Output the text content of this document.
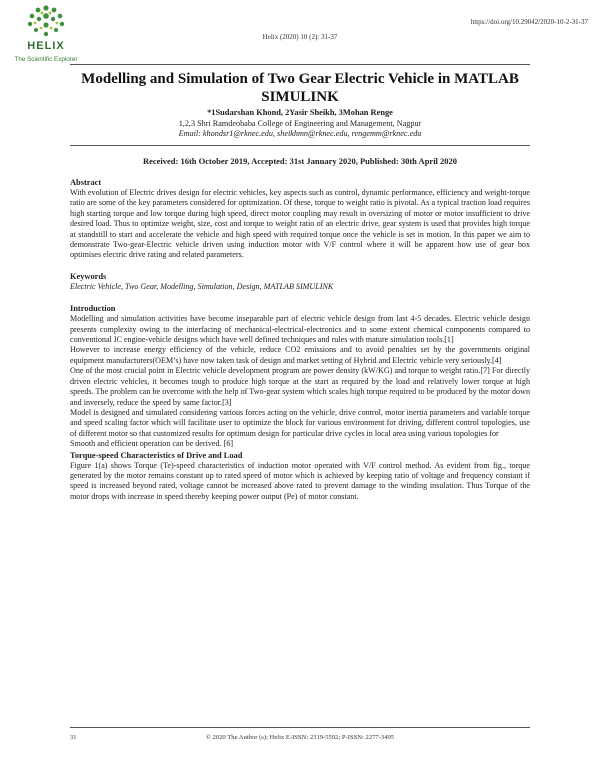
HELIX
The Scientific Explorer
https://doi.org/10.29042/2020-10-2-31-37
Helix (2020) 10 (2): 31-37
Modelling and Simulation of Two Gear Electric Vehicle in MATLAB SIMULINK
*1Sudarshan Khond, 2Yasir Sheikh, 3Mohan Renge
1,2,3 Shri Ramdeobaba College of Engineering and Management, Nagpur
Email: khondsr1@rknec.edu, sheikhmn@rknec.edu, rengemm@rknec.edu
Received: 16th October 2019, Accepted: 31st January 2020, Published: 30th April 2020
Abstract

With evolution of Electric drives design for electric vehicles, key aspects such as control, dynamic performance, efficiency and weight-torque ratio are some of the key parameters considered for optimization. Of these, torque to weight ratio is pivotal. As a typical traction load requires high starting torque and low torque during high speed, direct motor coupling may result in oversizing of motor or motor insufficient to drive desired load. Thus to optimize weight, size, cost and torque to weight ratio of an electric drive, gear system is used that provides high torque at standstill to start and accelerate the vehicle and high speed with required torque once the vehicle is set in motion. In this paper we aim to demonstrate Two-gear-Electric vehicle driven using induction motor with V/F control where it will be apparent how use of gear box optimises electric drive rating and related parameters.

Keywords

Electric Vehicle, Two Gear, Modelling, Simulation, Design, MATLAB SIMULINK

Introduction

Modelling and simulation activities have become inseparable part of electric vehicle design from last 4-5 decades. Electric vehicle design presents complexity owing to the interfacing of mechanical-electrical-electronics and to some extent chemical components compared to conventional IC engine-vehicle designs which have well defined techniques and rules with mature simulation tools.[1]

However to increase energy efficiency of the vehicle, reduce CO2 emissions and to avoid penalties set by the governments original equipment manufacturers(OEM’s) have now taken task of design and market setting of Hybrid and Electric vehicle very seriously.[4]

One of the most crucial point in Electric vehicle development program are power density (kW/KG) and torque to weight ratio.[7] For directly driven electric vehicles, it becomes tough to produce high torque at the start as required by the load and relatively lower torque at high speeds. The problem can be overcome with the help of Two-gear system which scales high torque required to be produced by the motor down and inversely, reduce the speed by same factor.[3]

Model is designed and simulated considering various forces acting on the vehicle, drive control, motor inertia parameters and variable torque and speed scaling factor which will facilitate user to optimize the block for various environment for driving, different control topologies, use of different motor so that customized results for optimum design for particular drive cycles in local area using various topologies for

Smooth and efficient operation can be derived. [6]

Torque-speed Characteristics of Drive and Load

Figure 1(a) shows Torque (Te)-speed characteristics of induction motor operated with V/F control method. As evident from fig., torque generated by the motor remains constant up to rated speed of motor which is achieved by keeping ratio of voltage and frequency constant if speed is increased beyond rated, voltage cannot be increased above rated to prevent damage to the winding insulation. Thus Torque of the motor drops with increase in speed thereby keeping power output (Pe) of motor constant.

31	© 2020 The Author (s); Helix E-ISSN: 2319-5592; P-ISSN: 2277-3495
